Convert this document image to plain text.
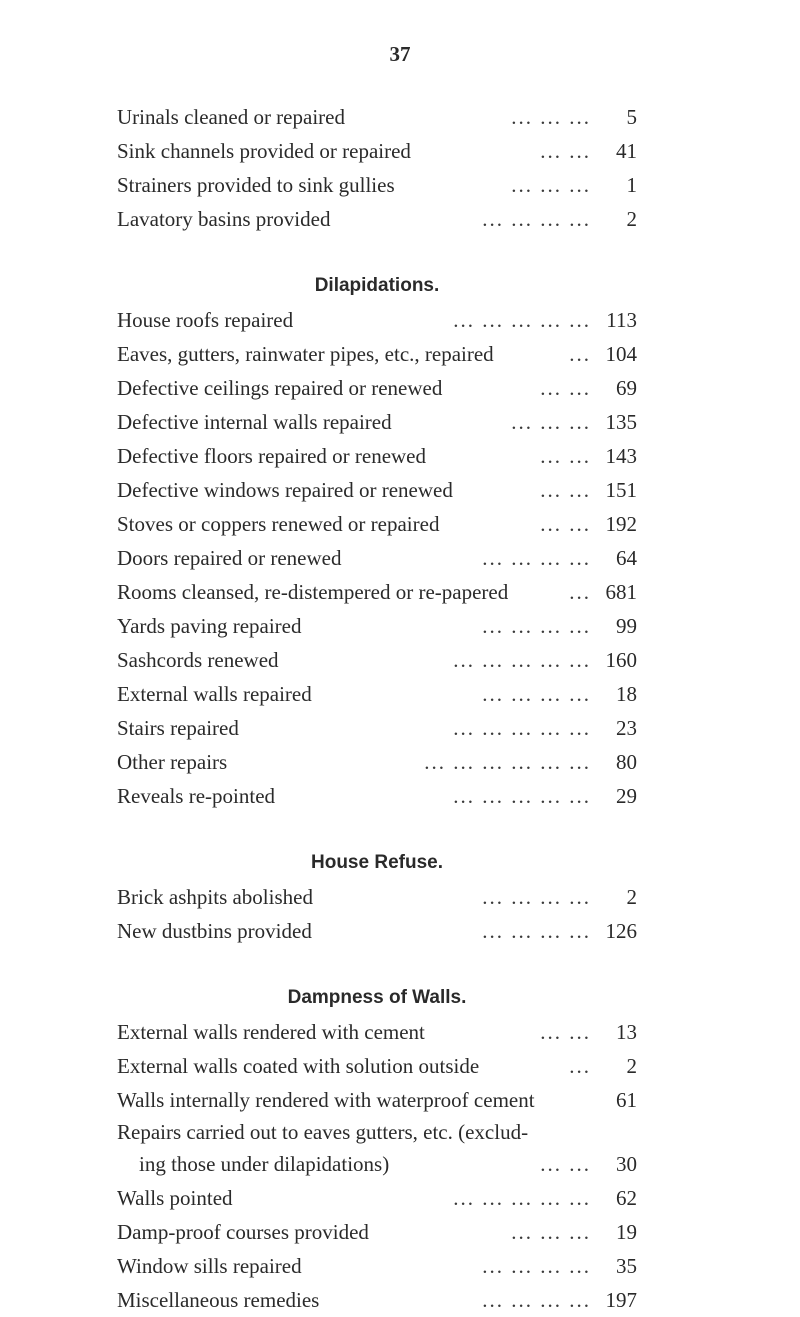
37
Urinals cleaned or repaired	... ... ...	5
Sink channels provided or repaired	... ...	41
Strainers provided to sink gullies	... ... ...	1
Lavatory basins provided	... ... ... ...	2
Dilapidations.
House roofs repaired	... ... ... ... ... 113
Eaves, gutters, rainwater pipes, etc., repaired	... 104
Defective ceilings repaired or renewed	... ...	69
Defective internal walls repaired	... ... ... 135
Defective floors repaired or renewed	... ... 143
Defective windows repaired or renewed	... ... 151
Stoves or coppers renewed or repaired	... ... 192
Doors repaired or renewed	... ... ... ...	64
Rooms cleansed, re-distempered or re-papered	... 681
Yards paving repaired	... ... ... ...	99
Sashcords renewed	... ... ... ... ... 160
External walls repaired	... ... ... ...	18
Stairs repaired	... ... ... ... ...	23
Other repairs	... ... ... ... ... ...	80
Reveals re-pointed	... ... ... ... ...	29
House Refuse.
Brick ashpits abolished	... ... ... ...	2
New dustbins provided	... ... ... ... 126
Dampness of Walls.
External walls rendered with cement	... ...	13
External walls coated with solution outside	...	2
Walls internally rendered with waterproof cement	61
Repairs carried out to eaves gutters, etc. (exclud-
ing those under dilapidations)	... ...	30
Walls pointed	... ... ... ... ...	62
Damp-proof courses provided	... ... ...	19
Window sills repaired	... ... ... ...	35
Miscellaneous remedies	... ... ... ... 197
